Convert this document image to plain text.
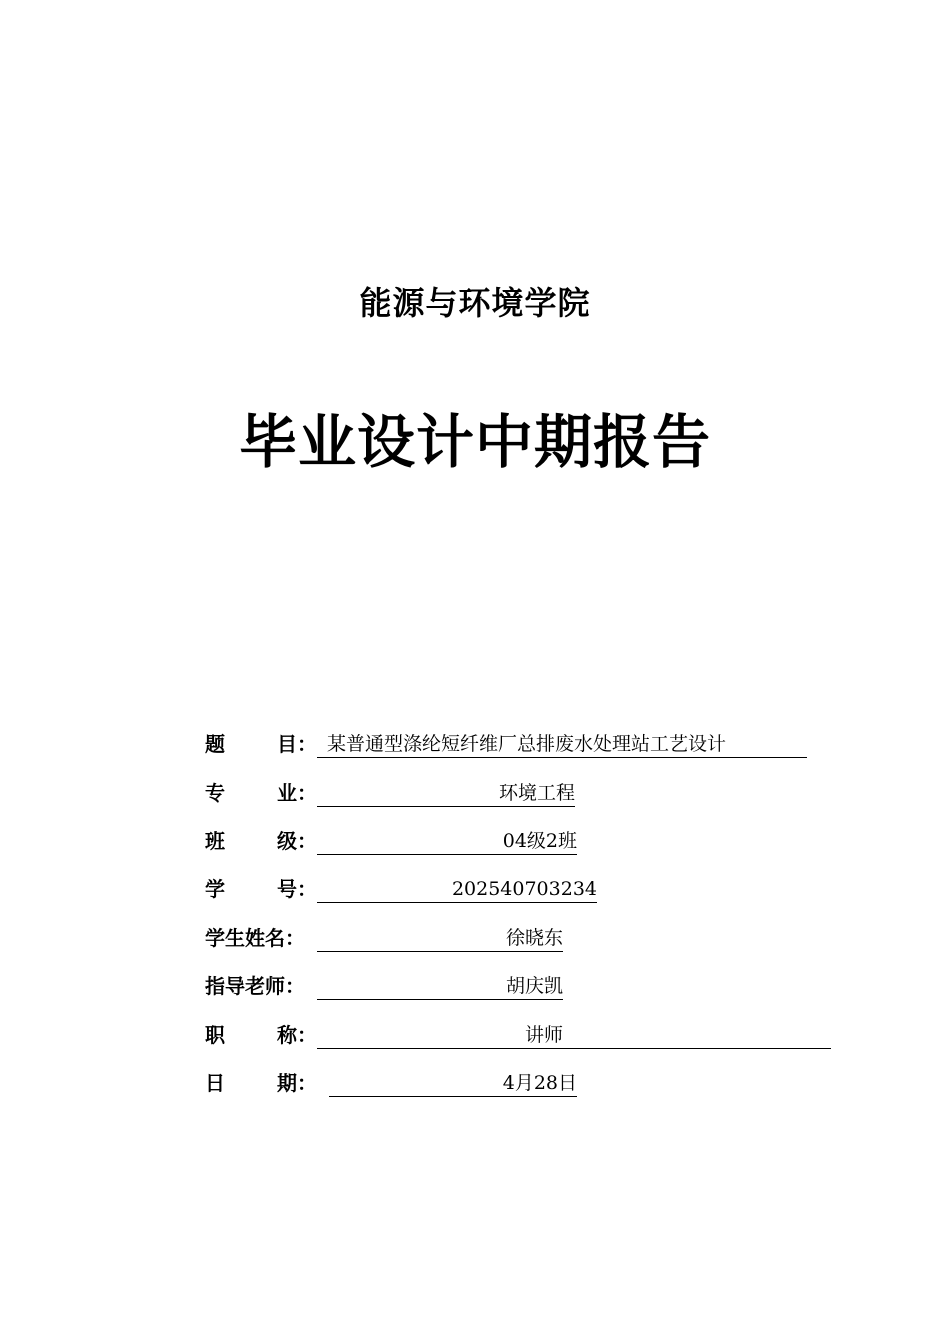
能源与环境学院
毕业设计中期报告
题	目： 某普通型涤纶短纤维厂总排废水处理站工艺设计
专	业：	环境工程
班	级：	04级2班
学	号：	202540703234
学生姓名：	徐晓东
指导老师：	胡庆凯
职	称：	讲师
日	期：	4月28日
